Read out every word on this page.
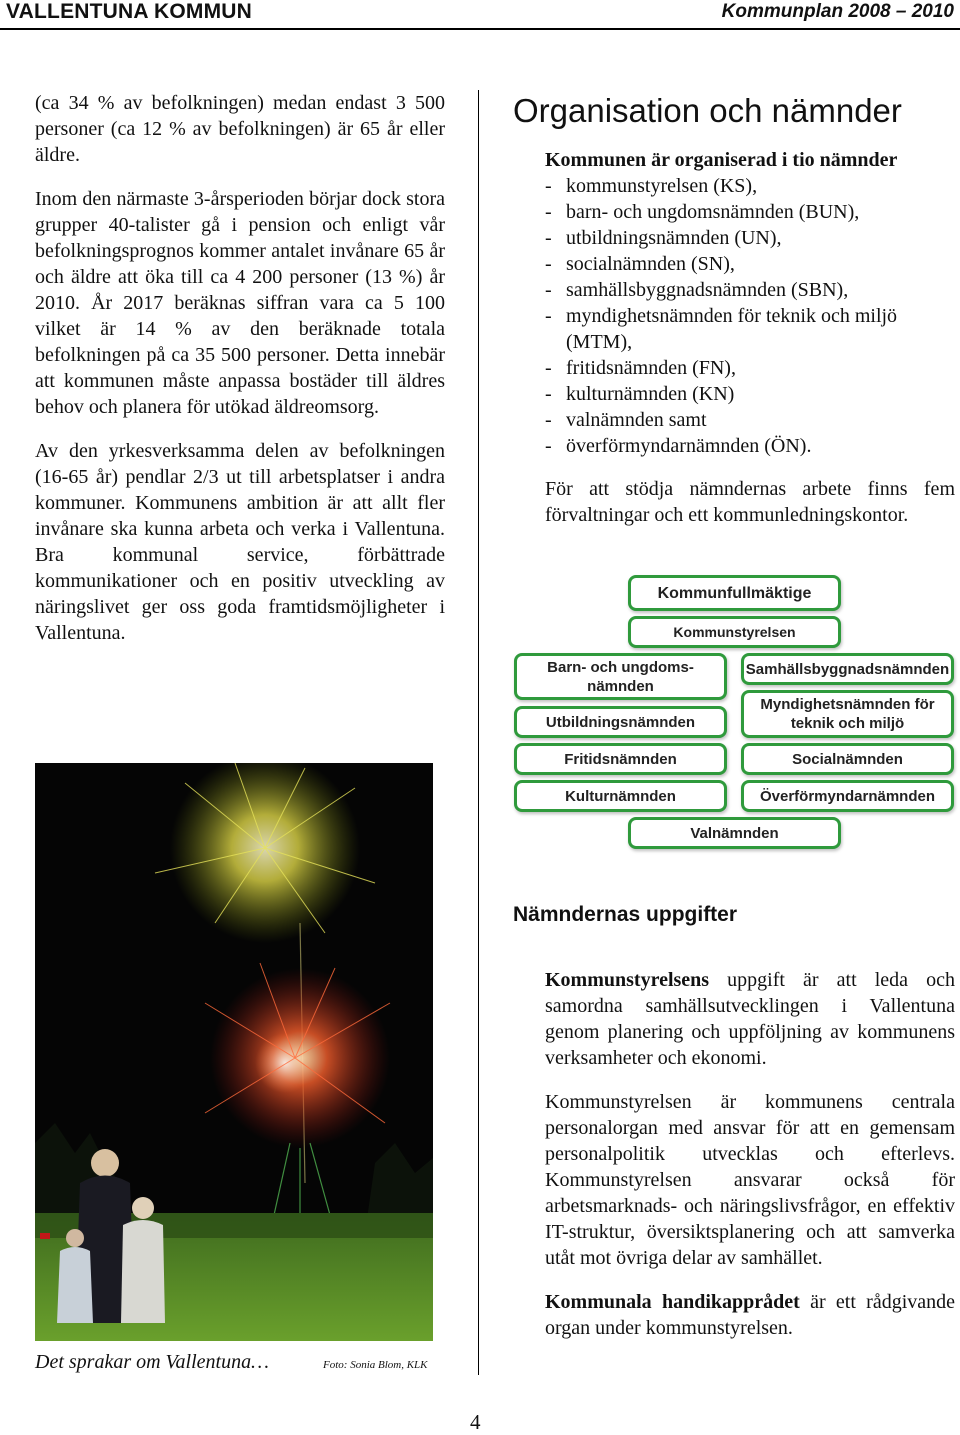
VALLENTUNA KOMMUN	Kommunplan 2008 – 2010

(ca 34 % av befolkningen) medan endast 3 500 personer (ca 12 % av befolkningen) är 65 år eller äldre.

Inom den närmaste 3-årsperioden börjar dock stora grupper 40-talister gå i pension och enligt vår befolkningsprognos kommer antalet invånare 65 år och äldre att öka till ca 4 200 personer (13 %) år 2010. År 2017 beräknas siffran vara ca 5 100 vilket är 14 % av den beräknade totala befolkningen på ca 35 500 personer. Detta innebär att kommunen måste anpassa bostäder till äldres behov och planera för utökad äldreomsorg.

Av den yrkesverksamma delen av befolkningen (16-65 år) pendlar 2/3 ut till arbetsplatser i andra kommuner. Kommunens ambition är att allt fler invånare ska kunna arbeta och verka i Vallentuna. Bra kommunal service, förbättrade kommunikationer och en positiv utveckling av näringslivet ger oss goda framtidsmöjligheter i Vallentuna.

Det sprakar om Vallentuna…	Foto: Sonia Blom, KLK
Organisation och nämnder
Kommunen är organiserad i tio nämnder
- kommunstyrelsen (KS),
- barn- och ungdomsnämnden (BUN),
- utbildningsnämnden (UN),
- socialnämnden (SN),
- samhällsbyggnadsnämnden (SBN),
- myndighetsnämnden för teknik och miljö (MTM),
- fritidsnämnden (FN),
- kulturnämnden (KN)
- valnämnden samt
- överförmyndarnämnden (ÖN).

För att stödja nämndernas arbete finns fem förvaltningar och ett kommunledningskontor.

Kommunfullmäktige
Kommunstyrelsen
Barn- och ungdoms-nämnden
Utbildningsnämnden
Fritidsnämnden
Kulturnämnden
Samhällsbyggnadsnämnden
Myndighetsnämnden för teknik och miljö
Socialnämnden
Överförmyndarnämnden
Valnämnden
Nämndernas uppgifter

Kommunstyrelsens uppgift är att leda och samordna samhällsutvecklingen i Vallentuna genom planering och uppföljning av kommunens verksamheter och ekonomi.

Kommunstyrelsen är kommunens centrala personalorgan med ansvar för att en gemensam personalpolitik utvecklas och efterlevs. Kommunstyrelsen ansvarar också för arbetsmarknads- och näringslivsfrågor, en effektiv IT-struktur, översiktsplanering och att samverka utåt mot övriga delar av samhället.

Kommunala handikapprådet är ett rådgivande organ under kommunstyrelsen.

4
